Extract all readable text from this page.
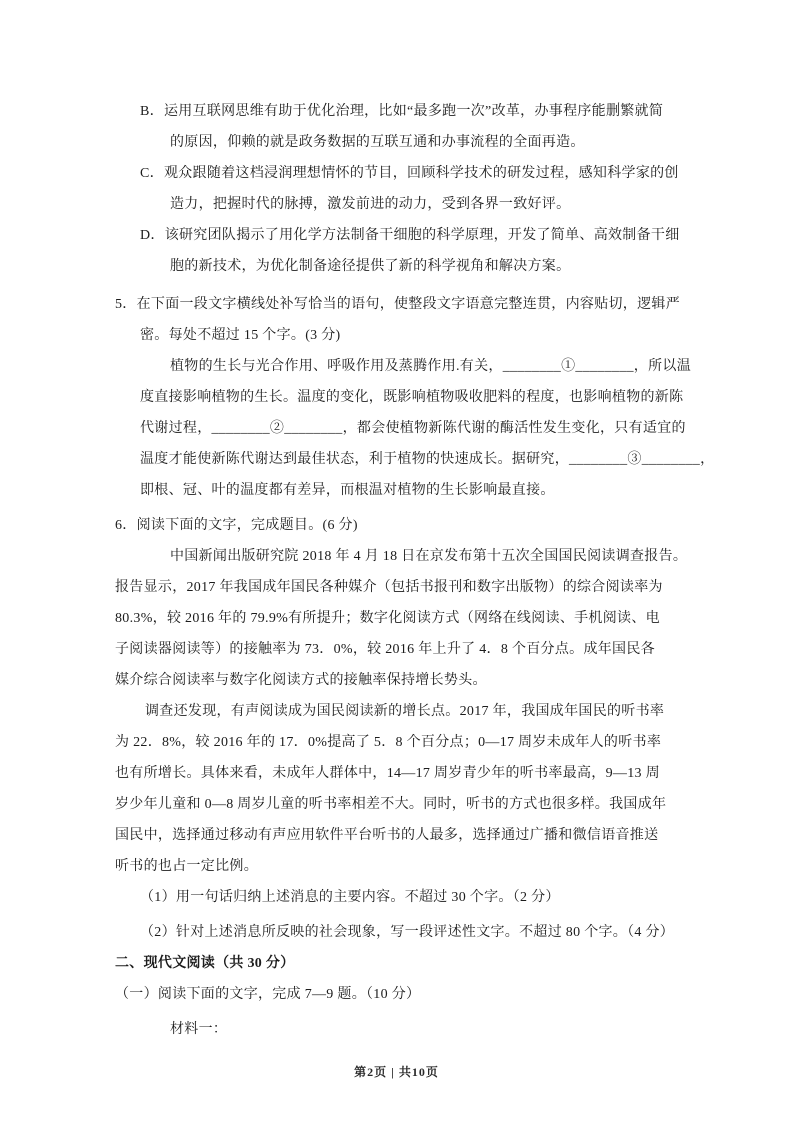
B．运用互联网思维有助于优化治理，比如“最多跑一次”改革，办事程序能删繁就简

的原因，仰赖的就是政务数据的互联互通和办事流程的全面再造。

C．观众跟随着这档浸润理想情怀的节目，回顾科学技术的研发过程，感知科学家的创

造力，把握时代的脉搏，激发前进的动力，受到各界一致好评。

D．该研究团队揭示了用化学方法制备干细胞的科学原理，开发了简单、高效制备干细

胞的新技术，为优化制备途径提供了新的科学视角和解决方案。

5．在下面一段文字横线处补写恰当的语句，使整段文字语意完整连贯，内容贴切，逻辑严

密。每处不超过 15 个字。(3 分)

植物的生长与光合作用、呼吸作用及蒸腾作用.有关，________①________，所以温

度直接影响植物的生长。温度的变化，既影响植物吸收肥料的程度，也影响植物的新陈

代谢过程，________②________，都会使植物新陈代谢的酶活性发生变化，只有适宜的

温度才能使新陈代谢达到最佳状态，利于植物的快速成长。据研究，________③________，

即根、冠、叶的温度都有差异，而根温对植物的生长影响最直接。

6．阅读下面的文字，完成题目。(6 分)

中国新闻出版研究院 2018 年 4 月 18 日在京发布第十五次全国国民阅读调查报告。

报告显示，2017 年我国成年国民各种媒介（包括书报刊和数字出版物）的综合阅读率为

80.3%，较 2016 年的 79.9%有所提升；数字化阅读方式（网络在线阅读、手机阅读、电

子阅读器阅读等）的接触率为 73．0%，较 2016 年上升了 4．8 个百分点。成年国民各

媒介综合阅读率与数字化阅读方式的接触率保持增长势头。

调查还发现，有声阅读成为国民阅读新的增长点。2017 年，我国成年国民的听书率

为 22．8%，较 2016 年的 17．0%提高了 5．8 个百分点；0—17 周岁未成年人的听书率

也有所增长。具体来看，未成年人群体中，14—17 周岁青少年的听书率最高，9—13 周

岁少年儿童和 0—8 周岁儿童的听书率相差不大。同时，听书的方式也很多样。我国成年

国民中，选择通过移动有声应用软件平台听书的人最多，选择通过广播和微信语音推送

听书的也占一定比例。

（1）用一句话归纳上述消息的主要内容。不超过 30 个字。（2 分）

（2）针对上述消息所反映的社会现象，写一段评述性文字。不超过 80 个字。（4 分）

二、现代文阅读（共 30 分）

（一）阅读下面的文字，完成 7—9 题。（10 分）

材料一：

第2页 | 共10页
